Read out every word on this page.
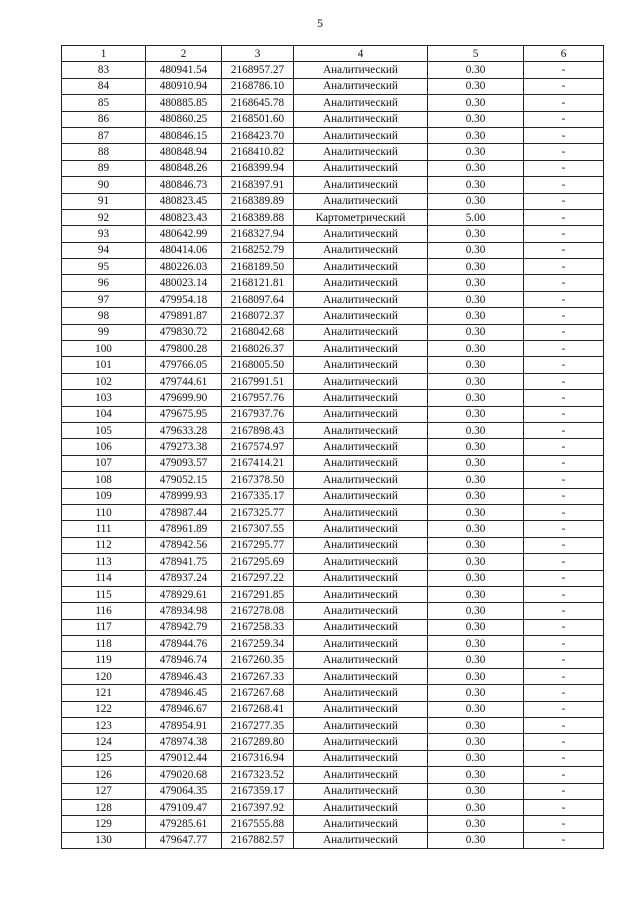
5
1	2	3	4	5	6
83	480941.54	2168957.27	Аналитический	0.30	-
84	480910.94	2168786.10	Аналитический	0.30	-
85	480885.85	2168645.78	Аналитический	0.30	-
86	480860.25	2168501.60	Аналитический	0.30	-
87	480846.15	2168423.70	Аналитический	0.30	-
88	480848.94	2168410.82	Аналитический	0.30	-
89	480848.26	2168399.94	Аналитический	0.30	-
90	480846.73	2168397.91	Аналитический	0.30	-
91	480823.45	2168389.89	Аналитический	0.30	-
92	480823.43	2168389.88	Картометрический	5.00	-
93	480642.99	2168327.94	Аналитический	0.30	-
94	480414.06	2168252.79	Аналитический	0.30	-
95	480226.03	2168189.50	Аналитический	0.30	-
96	480023.14	2168121.81	Аналитический	0.30	-
97	479954.18	2168097.64	Аналитический	0.30	-
98	479891.87	2168072.37	Аналитический	0.30	-
99	479830.72	2168042.68	Аналитический	0.30	-
100	479800.28	2168026.37	Аналитический	0.30	-
101	479766.05	2168005.50	Аналитический	0.30	-
102	479744.61	2167991.51	Аналитический	0.30	-
103	479699.90	2167957.76	Аналитический	0.30	-
104	479675.95	2167937.76	Аналитический	0.30	-
105	479633.28	2167898.43	Аналитический	0.30	-
106	479273.38	2167574.97	Аналитический	0.30	-
107	479093.57	2167414.21	Аналитический	0.30	-
108	479052.15	2167378.50	Аналитический	0.30	-
109	478999.93	2167335.17	Аналитический	0.30	-
110	478987.44	2167325.77	Аналитический	0.30	-
111	478961.89	2167307.55	Аналитический	0.30	-
112	478942.56	2167295.77	Аналитический	0.30	-
113	478941.75	2167295.69	Аналитический	0.30	-
114	478937.24	2167297.22	Аналитический	0.30	-
115	478929.61	2167291.85	Аналитический	0.30	-
116	478934.98	2167278.08	Аналитический	0.30	-
117	478942.79	2167258.33	Аналитический	0.30	-
118	478944.76	2167259.34	Аналитический	0.30	-
119	478946.74	2167260.35	Аналитический	0.30	-
120	478946.43	2167267.33	Аналитический	0.30	-
121	478946.45	2167267.68	Аналитический	0.30	-
122	478946.67	2167268.41	Аналитический	0.30	-
123	478954.91	2167277.35	Аналитический	0.30	-
124	478974.38	2167289.80	Аналитический	0.30	-
125	479012.44	2167316.94	Аналитический	0.30	-
126	479020.68	2167323.52	Аналитический	0.30	-
127	479064.35	2167359.17	Аналитический	0.30	-
128	479109.47	2167397.92	Аналитический	0.30	-
129	479285.61	2167555.88	Аналитический	0.30	-
130	479647.77	2167882.57	Аналитический	0.30	-
